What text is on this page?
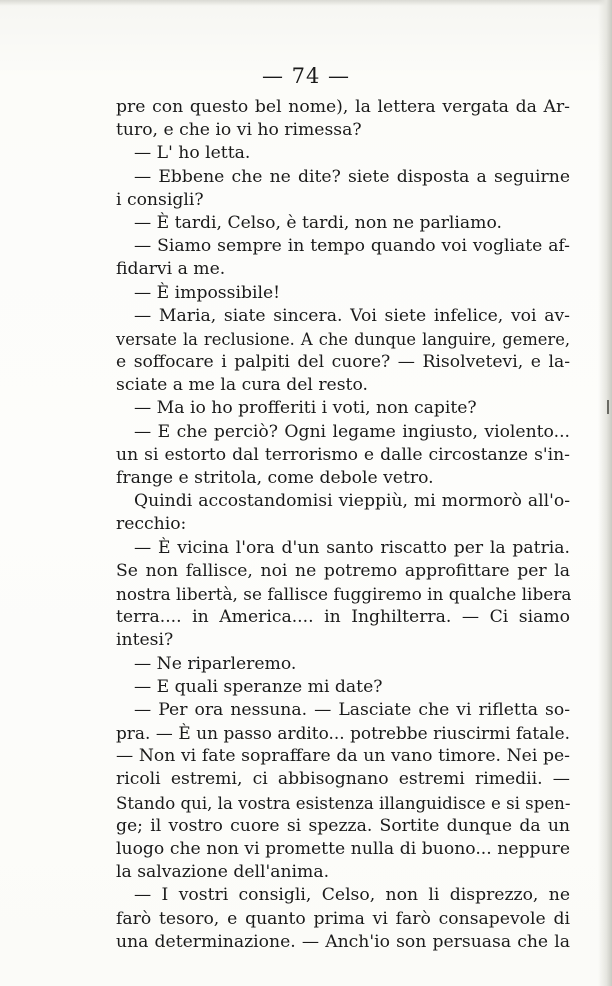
— 74 —
pre con questo bel nome), la lettera vergata da Ar-
turo, e che io vi ho rimessa?
— L' ho letta.
— Ebbene che ne dite? siete disposta a seguirne
i consigli?
— È tardi, Celso, è tardi, non ne parliamo.
— Siamo sempre in tempo quando voi vogliate af-
fidarvi a me.
— È impossibile!
— Maria, siate sincera. Voi siete infelice, voi av-
versate la reclusione. A che dunque languire, gemere,
e soffocare i palpiti del cuore? — Risolvetevi, e la-
sciate a me la cura del resto.
— Ma io ho profferiti i voti, non capite?
— E che perciò? Ogni legame ingiusto, violento...
un si estorto dal terrorismo e dalle circostanze s'in-
frange e stritola, come debole vetro.
Quindi accostandomisi vieppiù, mi mormorò all'o-
recchio:
— È vicina l'ora d'un santo riscatto per la patria.
Se non fallisce, noi ne potremo approfittare per la
nostra libertà, se fallisce fuggiremo in qualche libera
terra.... in America.... in Inghilterra. — Ci siamo
intesi?
— Ne riparleremo.
— E quali speranze mi date?
— Per ora nessuna. — Lasciate che vi rifletta so-
pra. — È un passo ardito... potrebbe riuscirmi fatale.
— Non vi fate sopraffare da un vano timore. Nei pe-
ricoli estremi, ci abbisognano estremi rimedii. —
Stando qui, la vostra esistenza illanguidisce e si spen-
ge; il vostro cuore si spezza. Sortite dunque da un
luogo che non vi promette nulla di buono... neppure
la salvazione dell'anima.
— I vostri consigli, Celso, non li disprezzo, ne
farò tesoro, e quanto prima vi farò consapevole di
una determinazione. — Anch'io son persuasa che la
